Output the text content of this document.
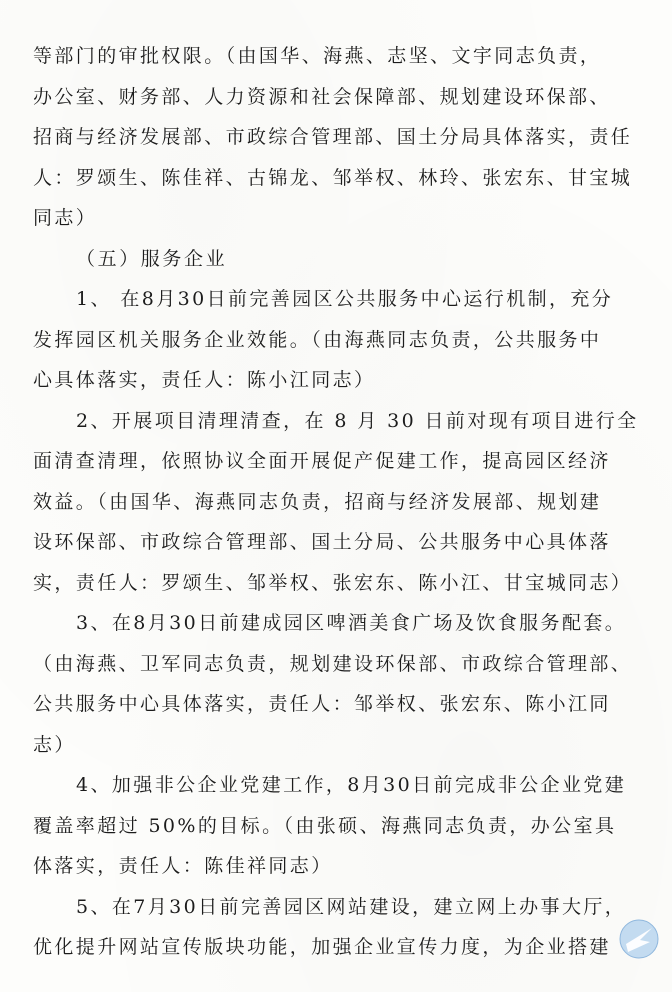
等部门的审批权限。（由国华、海燕、志坚、文宇同志负责，
办公室、财务部、人力资源和社会保障部、规划建设环保部、
招商与经济发展部、市政综合管理部、国土分局具体落实，责任
人：罗颂生、陈佳祥、古锦龙、邹举权、林玲、张宏东、甘宝城
同志）
（五）服务企业
1、 在8月30日前完善园区公共服务中心运行机制，充分
发挥园区机关服务企业效能。（由海燕同志负责，公共服务中
心具体落实，责任人：陈小江同志）
2、开展项目清理清查，在 8 月 30 日前对现有项目进行全
面清查清理，依照协议全面开展促产促建工作，提高园区经济
效益。（由国华、海燕同志负责，招商与经济发展部、规划建
设环保部、市政综合管理部、国土分局、公共服务中心具体落
实，责任人：罗颂生、邹举权、张宏东、陈小江、甘宝城同志）
3、在8月30日前建成园区啤酒美食广场及饮食服务配套。
（由海燕、卫军同志负责，规划建设环保部、市政综合管理部、
公共服务中心具体落实，责任人：邹举权、张宏东、陈小江同
志）
4、加强非公企业党建工作，8月30日前完成非公企业党建
覆盖率超过 50%的目标。（由张硕、海燕同志负责，办公室具
体落实，责任人：陈佳祥同志）
5、在7月30日前完善园区网站建设，建立网上办事大厅，
优化提升网站宣传版块功能，加强企业宣传力度，为企业搭建
